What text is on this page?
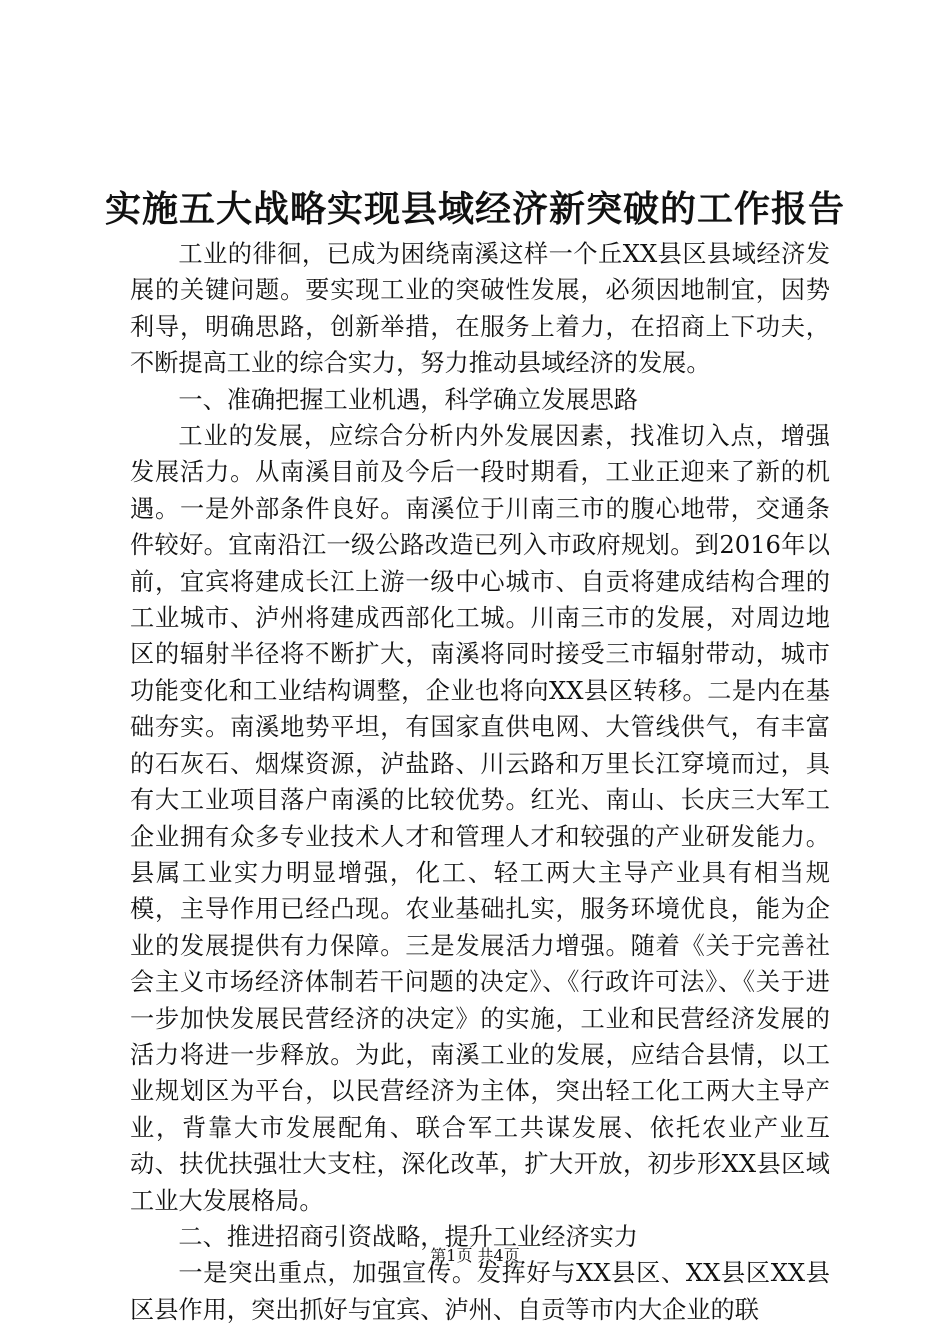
实施五大战略实现县域经济新突破的工作报告

工业的徘徊，已成为困绕南溪这样一个丘XX县区县域经济发展的关键问题。要实现工业的突破性发展，必须因地制宜，因势利导，明确思路，创新举措，在服务上着力，在招商上下功夫，不断提高工业的综合实力，努力推动县域经济的发展。

一、准确把握工业机遇，科学确立发展思路

工业的发展，应综合分析内外发展因素，找准切入点，增强发展活力。从南溪目前及今后一段时期看，工业正迎来了新的机遇。一是外部条件良好。南溪位于川南三市的腹心地带，交通条件较好。宜南沿江一级公路改造已列入市政府规划。到2016年以前，宜宾将建成长江上游一级中心城市、自贡将建成结构合理的工业城市、泸州将建成西部化工城。川南三市的发展，对周边地区的辐射半径将不断扩大，南溪将同时接受三市辐射带动，城市功能变化和工业结构调整，企业也将向XX县区转移。二是内在基础夯实。南溪地势平坦，有国家直供电网、大管线供气，有丰富的石灰石、烟煤资源，泸盐路、川云路和万里长江穿境而过，具有大工业项目落户南溪的比较优势。红光、南山、长庆三大军工企业拥有众多专业技术人才和管理人才和较强的产业研发能力。县属工业实力明显增强，化工、轻工两大主导产业具有相当规模，主导作用已经凸现。农业基础扎实，服务环境优良，能为企业的发展提供有力保障。三是发展活力增强。随着《关于完善社会主义市场经济体制若干问题的决定》、《行政许可法》、《关于进一步加快发展民营经济的决定》的实施，工业和民营经济发展的活力将进一步释放。为此，南溪工业的发展，应结合县情，以工业规划区为平台，以民营经济为主体，突出轻工化工两大主导产业，背靠大市发展配角、联合军工共谋发展、依托农业产业互动、扶优扶强壮大支柱，深化改革，扩大开放，初步形XX县区域工业大发展格局。

二、推进招商引资战略，提升工业经济实力

一是突出重点，加强宣传。发挥好与XX县区、XX县区XX县区县作用，突出抓好与宜宾、泸州、自贡等市内大企业的联

第1页 共4页
